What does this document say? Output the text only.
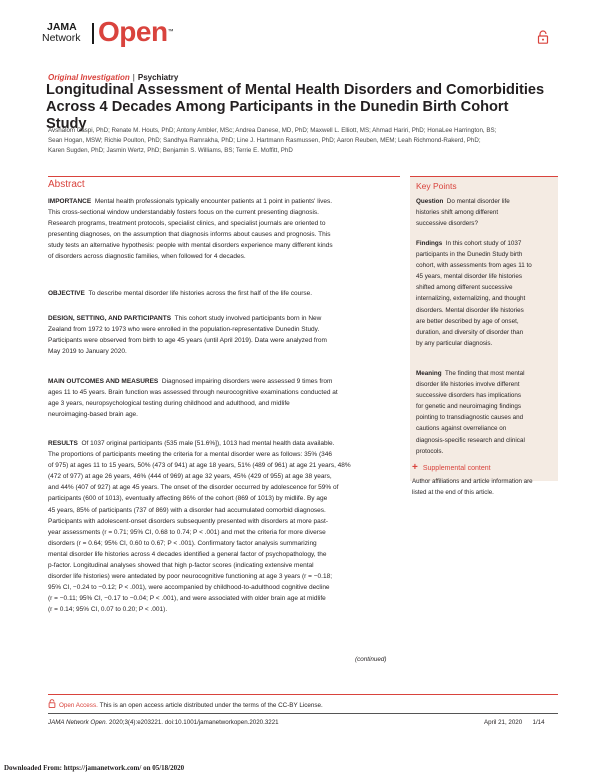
JAMA
Network Open™
Original Investigation | Psychiatry
Longitudinal Assessment of Mental Health Disorders and Comorbidities Across 4 Decades Among Participants in the Dunedin Birth Cohort Study
Avshalom Caspi, PhD; Renate M. Houts, PhD; Antony Ambler, MSc; Andrea Danese, MD, PhD; Maxwell L. Elliott, MS; Ahmad Hariri, PhD; HonaLee Harrington, BS;
Sean Hogan, MSW; Richie Poulton, PhD; Sandhya Ramrakha, PhD; Line J. Hartmann Rasmussen, PhD; Aaron Reuben, MEM; Leah Richmond-Rakerd, PhD;
Karen Sugden, PhD; Jasmin Wertz, PhD; Benjamin S. Williams, BS; Terrie E. Moffitt, PhD
Abstract
IMPORTANCE Mental health professionals typically encounter patients at 1 point in patients' lives.
This cross-sectional window understandably fosters focus on the current presenting diagnosis.
Research programs, treatment protocols, specialist clinics, and specialist journals are oriented to
presenting diagnoses, on the assumption that diagnosis informs about causes and prognosis. This
study tests an alternative hypothesis: people with mental disorders experience many different kinds
of disorders across diagnostic families, when followed for 4 decades.
OBJECTIVE To describe mental disorder life histories across the first half of the life course.
DESIGN, SETTING, AND PARTICIPANTS This cohort study involved participants born in New
Zealand from 1972 to 1973 who were enrolled in the population-representative Dunedin Study.
Participants were observed from birth to age 45 years (until April 2019). Data were analyzed from
May 2019 to January 2020.
MAIN OUTCOMES AND MEASURES Diagnosed impairing disorders were assessed 9 times from
ages 11 to 45 years. Brain function was assessed through neurocognitive examinations conducted at
age 3 years, neuropsychological testing during childhood and adulthood, and midlife
neuroimaging-based brain age.
RESULTS Of 1037 original participants (535 male [51.6%]), 1013 had mental health data available.
The proportions of participants meeting the criteria for a mental disorder were as follows: 35% (346
of 975) at ages 11 to 15 years, 50% (473 of 941) at age 18 years, 51% (489 of 961) at age 21 years, 48%
(472 of 977) at age 26 years, 46% (444 of 969) at age 32 years, 45% (429 of 955) at age 38 years,
and 44% (407 of 927) at age 45 years. The onset of the disorder occurred by adolescence for 59% of
participants (600 of 1013), eventually affecting 86% of the cohort (869 of 1013) by midlife. By age
45 years, 85% of participants (737 of 869) with a disorder had accumulated comorbid diagnoses.
Participants with adolescent-onset disorders subsequently presented with disorders at more past-
year assessments (r = 0.71; 95% CI, 0.68 to 0.74; P < .001) and met the criteria for more diverse
disorders (r = 0.64; 95% CI, 0.60 to 0.67; P < .001). Confirmatory factor analysis summarizing
mental disorder life histories across 4 decades identified a general factor of psychopathology, the
p-factor. Longitudinal analyses showed that high p-factor scores (indicating extensive mental
disorder life histories) were antedated by poor neurocognitive functioning at age 3 years (r = −0.18;
95% CI, −0.24 to −0.12; P < .001), were accompanied by childhood-to-adulthood cognitive decline
(r = −0.11; 95% CI, −0.17 to −0.04; P < .001), and were associated with older brain age at midlife
(r = 0.14; 95% CI, 0.07 to 0.20; P < .001).
(continued)
Key Points
Question Do mental disorder life
histories shift among different
successive disorders?
Findings In this cohort study of 1037
participants in the Dunedin Study birth
cohort, with assessments from ages 11 to
45 years, mental disorder life histories
shifted among different successive
internalizing, externalizing, and thought
disorders. Mental disorder life histories
are better described by age of onset,
duration, and diversity of disorder than
by any particular diagnosis.
Meaning The finding that most mental
disorder life histories involve different
successive disorders has implications
for genetic and neuroimaging findings
pointing to transdiagnostic causes and
cautions against overreliance on
diagnosis-specific research and clinical
protocols.
+ Supplemental content
Author affiliations and article information are
listed at the end of this article.
Open Access. This is an open access article distributed under the terms of the CC-BY License.
JAMA Network Open. 2020;3(4):e203221. doi:10.1001/jamanetworkopen.2020.3221	April 21, 2020 1/14
Downloaded From: https://jamanetwork.com/ on 05/18/2020
